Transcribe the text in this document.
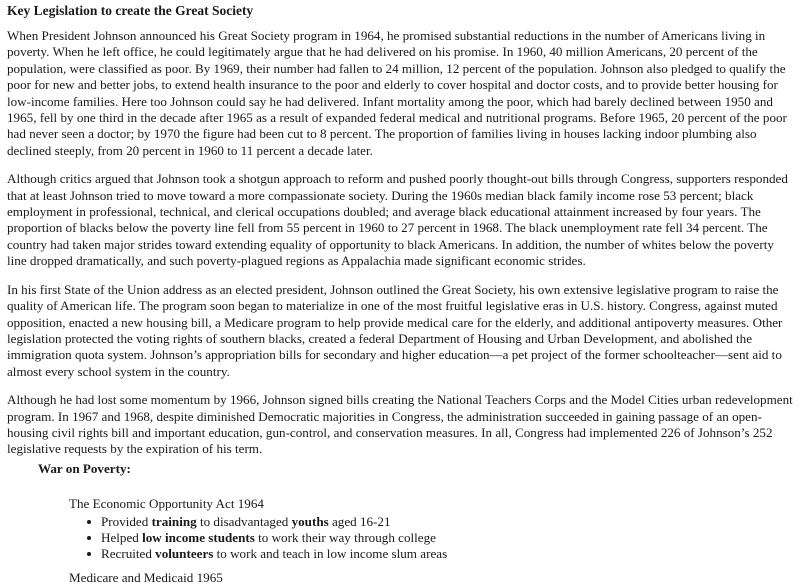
Key Legislation to create the Great Society

When President Johnson announced his Great Society program in 1964, he promised substantial reductions in the number of Americans living in poverty. When he left office, he could legitimately argue that he had delivered on his promise. In 1960, 40 million Americans, 20 percent of the population, were classified as poor. By 1969, their number had fallen to 24 million, 12 percent of the population. Johnson also pledged to qualify the poor for new and better jobs, to extend health insurance to the poor and elderly to cover hospital and doctor costs, and to provide better housing for low-income families. Here too Johnson could say he had delivered. Infant mortality among the poor, which had barely declined between 1950 and 1965, fell by one third in the decade after 1965 as a result of expanded federal medical and nutritional programs. Before 1965, 20 percent of the poor had never seen a doctor; by 1970 the figure had been cut to 8 percent. The proportion of families living in houses lacking indoor plumbing also declined steeply, from 20 percent in 1960 to 11 percent a decade later.

Although critics argued that Johnson took a shotgun approach to reform and pushed poorly thought-out bills through Congress, supporters responded that at least Johnson tried to move toward a more compassionate society. During the 1960s median black family income rose 53 percent; black employment in professional, technical, and clerical occupations doubled; and average black educational attainment increased by four years. The proportion of blacks below the poverty line fell from 55 percent in 1960 to 27 percent in 1968. The black unemployment rate fell 34 percent. The country had taken major strides toward extending equality of opportunity to black Americans. In addition, the number of whites below the poverty line dropped dramatically, and such poverty-plagued regions as Appalachia made significant economic strides.

In his first State of the Union address as an elected president, Johnson outlined the Great Society, his own extensive legislative program to raise the quality of American life. The program soon began to materialize in one of the most fruitful legislative eras in U.S. history. Congress, against muted opposition, enacted a new housing bill, a Medicare program to help provide medical care for the elderly, and additional antipoverty measures. Other legislation protected the voting rights of southern blacks, created a federal Department of Housing and Urban Development, and abolished the immigration quota system. Johnson’s appropriation bills for secondary and higher education—a pet project of the former schoolteacher—sent aid to almost every school system in the country.

Although he had lost some momentum by 1966, Johnson signed bills creating the National Teachers Corps and the Model Cities urban redevelopment program. In 1967 and 1968, despite diminished Democratic majorities in Congress, the administration succeeded in gaining passage of an open-housing civil rights bill and important education, gun-control, and conservation measures. In all, Congress had implemented 226 of Johnson’s 252 legislative requests by the expiration of his term.

War on Poverty:
The Economic Opportunity Act 1964
Provided training to disadvantaged youths aged 16-21
Helped low income students to work their way through college
Recruited volunteers to work and teach in low income slum areas
Medicare and Medicaid 1965
